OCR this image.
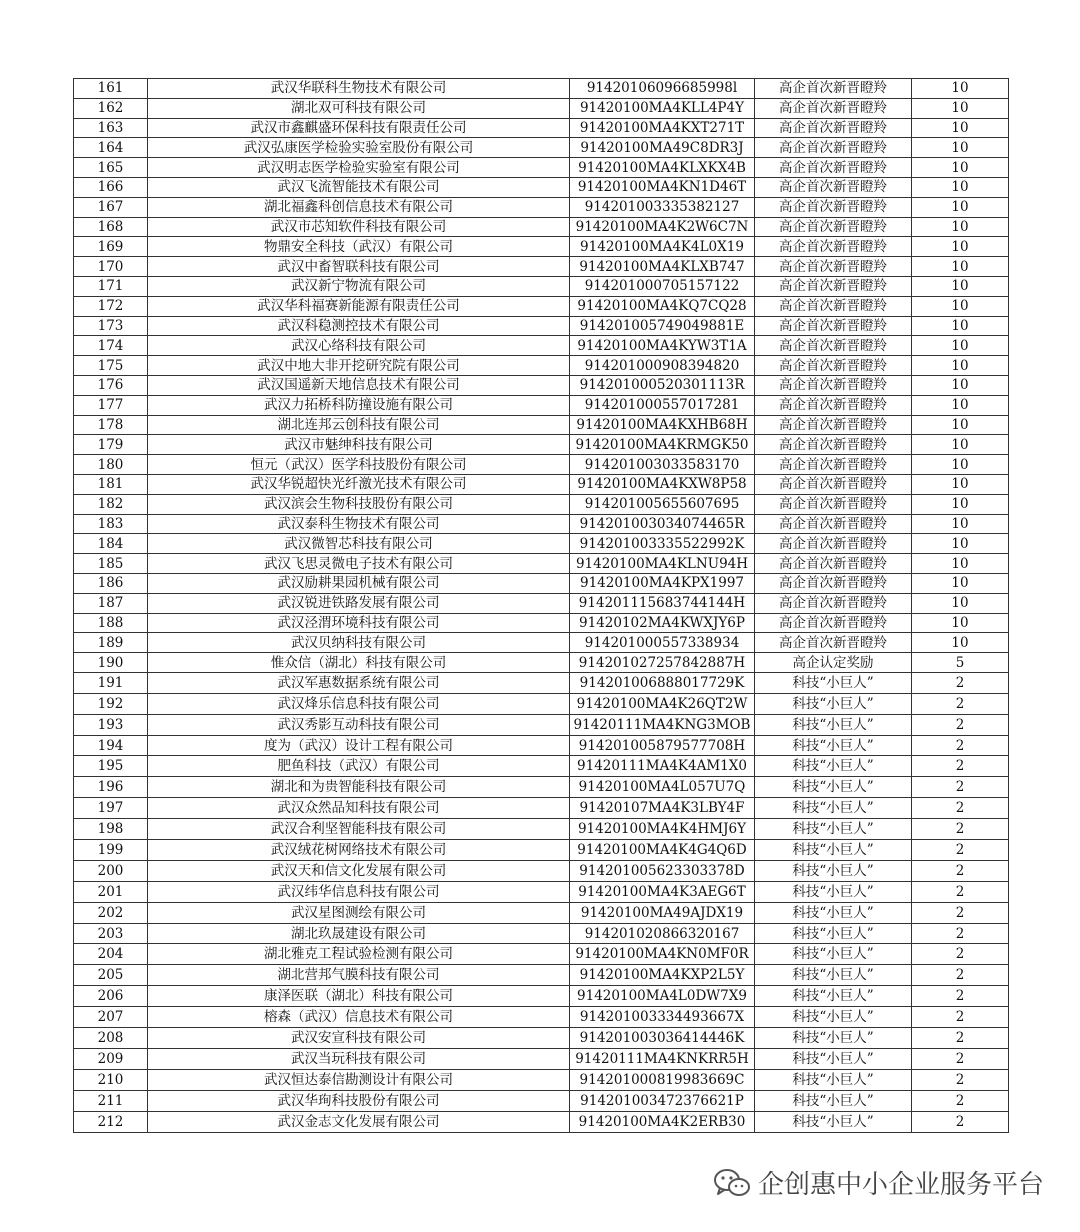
161	武汉华联科生物技术有限公司	91420106096685998l	高企首次新晋瞪羚	10
162	湖北双可科技有限公司	91420100MA4KLL4P4Y	高企首次新晋瞪羚	10
163	武汉市鑫麒盛环保科技有限责任公司	91420100MA4KXT271T	高企首次新晋瞪羚	10
164	武汉弘康医学检验实验室股份有限公司	91420100MA49C8DR3J	高企首次新晋瞪羚	10
165	武汉明志医学检验实验室有限公司	91420100MA4KLXKX4B	高企首次新晋瞪羚	10
166	武汉飞流智能技术有限公司	91420100MA4KN1D46T	高企首次新晋瞪羚	10
167	湖北福鑫科创信息技术有限公司	914201003335382127	高企首次新晋瞪羚	10
168	武汉市芯知软件科技有限公司	91420100MA4K2W6C7N	高企首次新晋瞪羚	10
169	物鼎安全科技（武汉）有限公司	91420100MA4K4L0X19	高企首次新晋瞪羚	10
170	武汉中畜智联科技有限公司	91420100MA4KLXB747	高企首次新晋瞪羚	10
171	武汉新宁物流有限公司	914201000705157122	高企首次新晋瞪羚	10
172	武汉华科福赛新能源有限责任公司	91420100MA4KQ7CQ28	高企首次新晋瞪羚	10
173	武汉科稳测控技术有限公司	914201005749049881E	高企首次新晋瞪羚	10
174	武汉心络科技有限公司	91420100MA4KYW3T1A	高企首次新晋瞪羚	10
175	武汉中地大非开挖研究院有限公司	914201000908394820	高企首次新晋瞪羚	10
176	武汉国遥新天地信息技术有限公司	914201000520301113R	高企首次新晋瞪羚	10
177	武汉力拓桥科防撞设施有限公司	914201000557017281	高企首次新晋瞪羚	10
178	湖北连邦云创科技有限公司	91420100MA4KXHB68H	高企首次新晋瞪羚	10
179	武汉市魅绅科技有限公司	91420100MA4KRMGK50	高企首次新晋瞪羚	10
180	恒元（武汉）医学科技股份有限公司	914201003033583170	高企首次新晋瞪羚	10
181	武汉华锐超快光纤激光技术有限公司	91420100MA4KXW8P58	高企首次新晋瞪羚	10
182	武汉滨会生物科技股份有限公司	914201005655607695	高企首次新晋瞪羚	10
183	武汉泰科生物技术有限公司	914201003034074465R	高企首次新晋瞪羚	10
184	武汉微智芯科技有限公司	914201003335522992K	高企首次新晋瞪羚	10
185	武汉飞思灵微电子技术有限公司	91420100MA4KLNU94H	高企首次新晋瞪羚	10
186	武汉励耕果园机械有限公司	91420100MA4KPX1997	高企首次新晋瞪羚	10
187	武汉锐进铁路发展有限公司	914201115683744144H	高企首次新晋瞪羚	10
188	武汉泾渭环境科技有限公司	91420102MA4KWXJY6P	高企首次新晋瞪羚	10
189	武汉贝纳科技有限公司	914201000557338934	高企首次新晋瞪羚	10
190	惟众信（湖北）科技有限公司	914201027257842887H	高企认定奖励	5
191	武汉军惠数据系统有限公司	914201006888017729K	科技“小巨人”	2
192	武汉烽乐信息科技有限公司	91420100MA4K26QT2W	科技“小巨人”	2
193	武汉秀影互动科技有限公司	91420111MA4KNG3MOB	科技“小巨人”	2
194	度为（武汉）设计工程有限公司	914201005879577708H	科技“小巨人”	2
195	肥鱼科技（武汉）有限公司	91420111MA4K4AM1X0	科技“小巨人”	2
196	湖北和为贵智能科技有限公司	91420100MA4L057U7Q	科技“小巨人”	2
197	武汉众然品知科技有限公司	91420107MA4K3LBY4F	科技“小巨人”	2
198	武汉合利坚智能科技有限公司	91420100MA4K4HMJ6Y	科技“小巨人”	2
199	武汉绒花树网络技术有限公司	91420100MA4K4G4Q6D	科技“小巨人”	2
200	武汉天和信文化发展有限公司	914201005623303378D	科技“小巨人”	2
201	武汉纬华信息科技有限公司	91420100MA4K3AEG6T	科技“小巨人”	2
202	武汉星图测绘有限公司	91420100MA49AJDX19	科技“小巨人”	2
203	湖北玖晟建设有限公司	914201020866320167	科技“小巨人”	2
204	湖北雅克工程试验检测有限公司	91420100MA4KN0MF0R	科技“小巨人”	2
205	湖北营邦气膜科技有限公司	91420100MA4KXP2L5Y	科技“小巨人”	2
206	康泽医联（湖北）科技有限公司	91420100MA4L0DW7X9	科技“小巨人”	2
207	榕森（武汉）信息技术有限公司	914201003334493667X	科技“小巨人”	2
208	武汉安宣科技有限公司	914201003036414446K	科技“小巨人”	2
209	武汉当玩科技有限公司	91420111MA4KNKRR5H	科技“小巨人”	2
210	武汉恒达泰信勘测设计有限公司	914201000819983669C	科技“小巨人”	2
211	武汉华珣科技股份有限公司	914201003472376621P	科技“小巨人”	2
212	武汉金志文化发展有限公司	91420100MA4K2ERB30	科技“小巨人”	2
企创惠中小企业服务平台
